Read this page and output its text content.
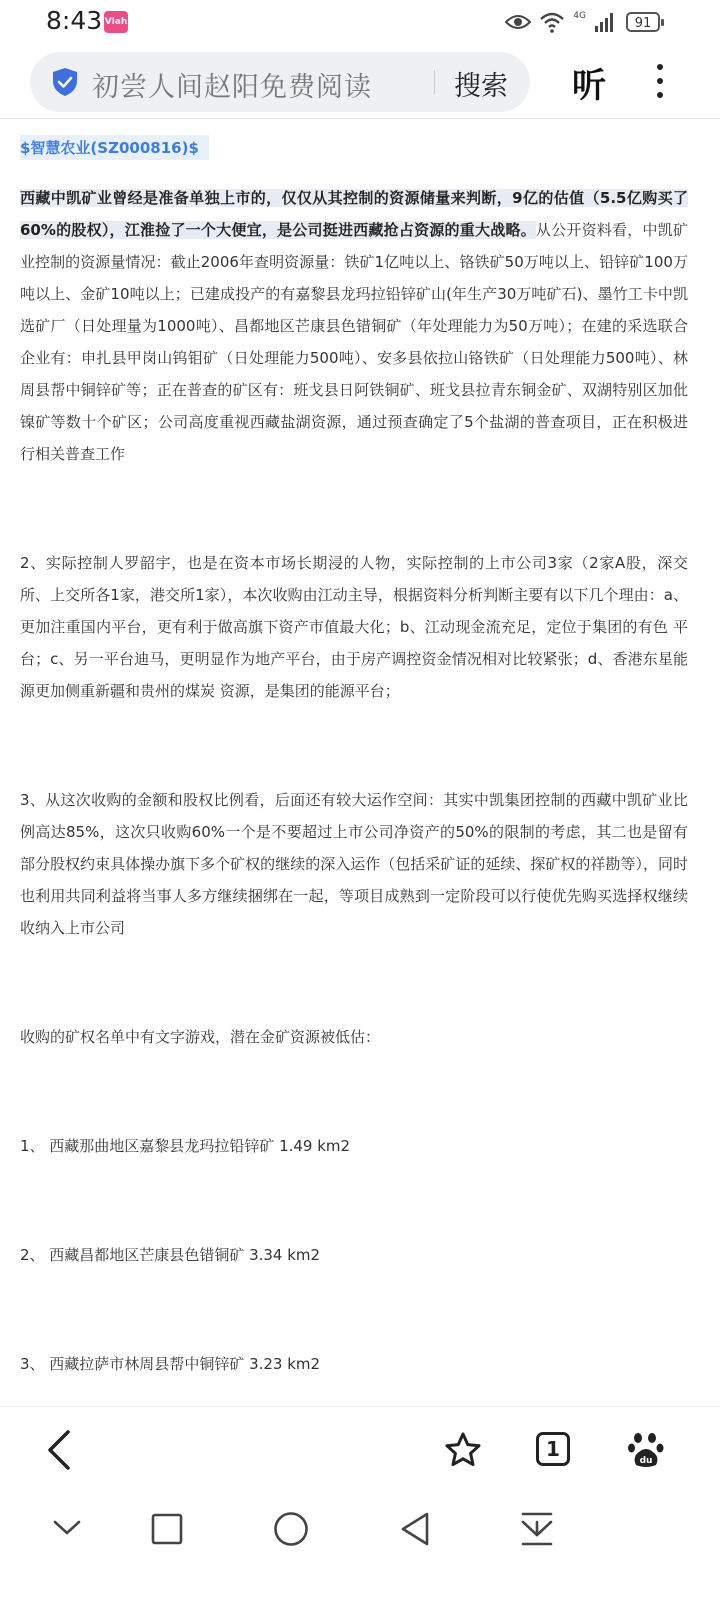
8:43 Vlah
4G	91
初尝人间赵阳免费阅读	搜索 听
$智慧农业(SZ000816)$

西藏中凯矿业曾经是准备单独上市的，仅仅从其控制的资源储量来判断，9亿的估值（5.5亿购买了60%的股权），江淮捡了一个大便宜，是公司挺进西藏抢占资源的重大战略。从公开资料看，中凯矿业控制的资源量情况：截止2006年查明资源量：铁矿1亿吨以上、铬铁矿50万吨以上、铅锌矿100万吨以上、金矿10吨以上；已建成投产的有嘉黎县龙玛拉铅锌矿山(年生产30万吨矿石)、墨竹工卡中凯选矿厂（日处理量为1000吨）、昌都地区芒康县色错铜矿（年处理能力为50万吨）；在建的采选联合企业有：申扎县甲岗山钨钼矿（日处理能力500吨）、安多县依拉山铬铁矿（日处理能力500吨）、林周县帮中铜锌矿等；正在普查的矿区有：班戈县日阿铁铜矿、班戈县拉青东铜金矿、双湖特别区加仳镍矿等数十个矿区；公司高度重视西藏盐湖资源，通过预查确定了5个盐湖的普查项目，正在积极进行相关普查工作

2、实际控制人罗韶宇，也是在资本市场长期浸的人物，实际控制的上市公司3家（2家A股，深交所、上交所各1家，港交所1家），本次收购由江动主导，根据资料分析判断主要有以下几个理由：a、更加注重国内平台，更有利于做高旗下资产市值最大化；b、江动现金流充足，定位于集团的有色 平台；c、另一平台迪马，更明显作为地产平台，由于房产调控资金情况相对比较紧张；d、香港东星能源更加侧重新疆和贵州的煤炭 资源，是集团的能源平台；

3、从这次收购的金额和股权比例看，后面还有较大运作空间：其实中凯集团控制的西藏中凯矿业比例高达85%，这次只收购60%一个是不要超过上市公司净资产的50%的限制的考虑，其二也是留有部分股权约束具体操办旗下多个矿权的继续的深入运作（包括采矿证的延续、探矿权的祥勘等），同时也利用共同利益将当事人多方继续捆绑在一起，等项目成熟到一定阶段可以行使优先购买选择权继续收纳入上市公司

收购的矿权名单中有文字游戏，潜在金矿资源被低估：

1、 西藏那曲地区嘉黎县龙玛拉铅锌矿 1.49 km2

2、 西藏昌都地区芒康县色错铜矿 3.34 km2

3、 西藏拉萨市林周县帮中铜锌矿 3.23 km2

1	du
